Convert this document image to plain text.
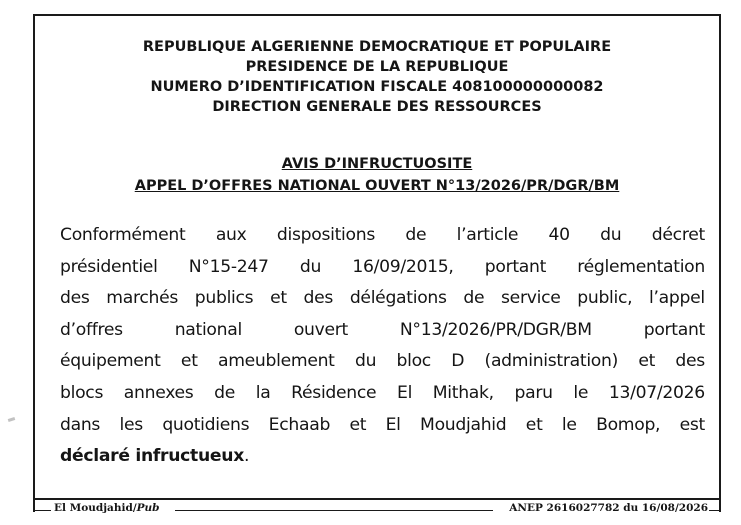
REPUBLIQUE ALGERIENNE DEMOCRATIQUE ET POPULAIRE
PRESIDENCE DE LA REPUBLIQUE
NUMERO D’IDENTIFICATION FISCALE 408100000000082
DIRECTION GENERALE DES RESSOURCES
AVIS D’INFRUCTUOSITE
APPEL D’OFFRES NATIONAL OUVERT N°13/2026/PR/DGR/BM
Conformément aux dispositions de l’article 40 du décret
présidentiel N°15-247 du 16/09/2015, portant réglementation
des marchés publics et des délégations de service public, l’appel
d’offres	national	ouvert	N°13/2026/PR/DGR/BM	portant
équipement et ameublement du bloc D (administration) et des
blocs annexes de la Résidence El Mithak, paru le 13/07/2026
dans les quotidiens Echaab et El Moudjahid et le Bomop, est
déclaré infructueux .
El Moudjahid/Pub	ANEP 2616027782 du 16/08/2026
